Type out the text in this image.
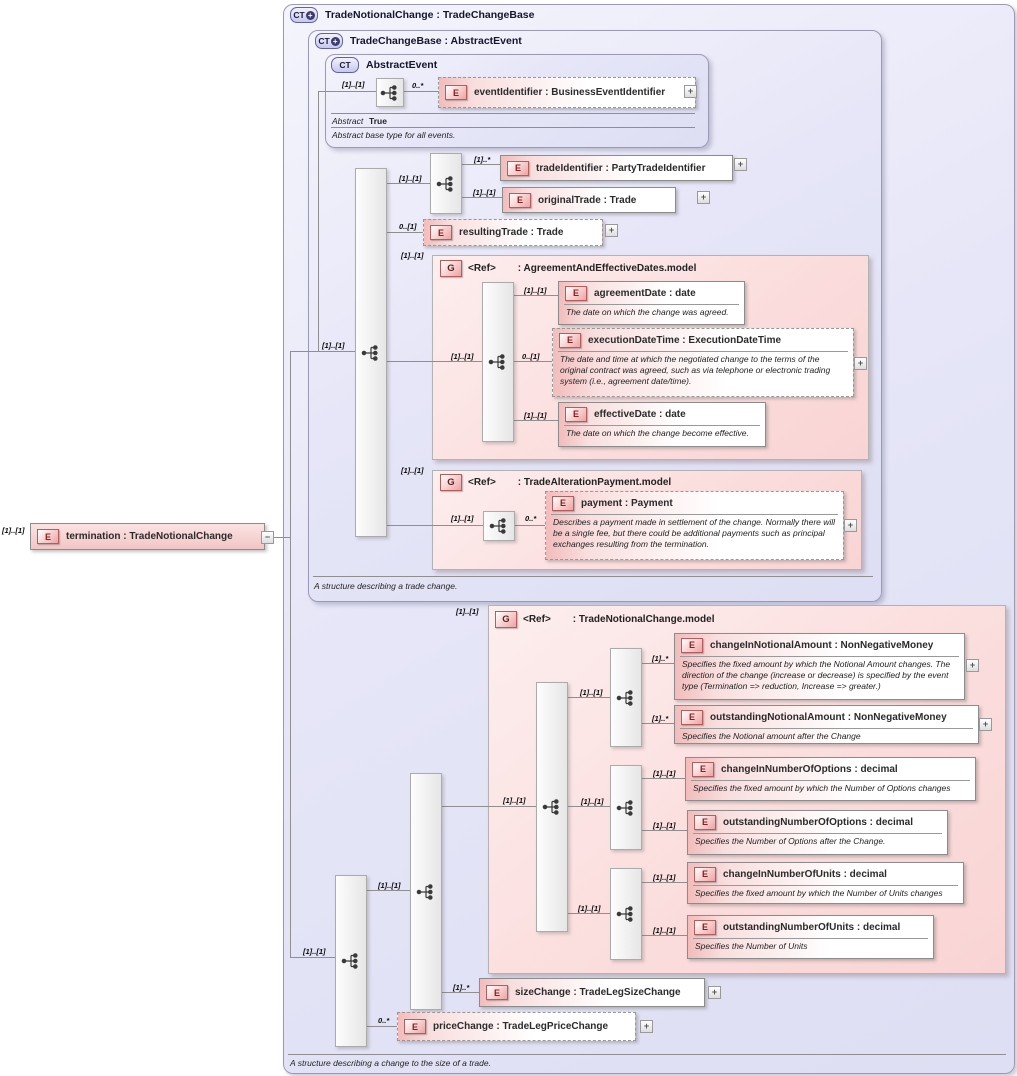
CT + TradeNotionalChange : TradeChangeBase
CT + TradeChangeBase : AbstractEvent
CT AbstractEvent
Abstract True
Abstract base type for all events.
A structure describing a trade change.
A structure describing a change to the size of a trade.
G	<Ref> : AgreementAndEffectiveDates.model
G	<Ref> : TradeAlterationPayment.model
G	<Ref> : TradeNotionalChange.model
[1]..[1]
E	termination : TradeNotionalChange	−
[1]..[1]	0..*
E	eventIdentifier : BusinessEventIdentifier	+
[1]..[1]
[1]..[1]
[1]..*
E	tradeIdentifier : PartyTradeIdentifier	+
[1]..[1]
E	originalTrade : Trade	+
0..[1]
E	resultingTrade : Trade	+
[1]..[1]
[1]..[1]
[1]..[1]	E	agreementDate : date
The date on which the change was agreed.
0..[1]
E	executionDateTime : ExecutionDateTime
The date and time at which the negotiated change to the terms of the original contract was agreed, such as via telephone or electronic trading system (i.e., agreement date/time).
+
[1]..[1]	E	effectiveDate : date
The date on which the change become effective.
[1]..[1]
[1]..[1]	0..*
E	payment : Payment
Describes a payment made in settlement of the change. Normally there will be a single fee, but there could be additional payments such as principal exchanges resulting from the termination.
+
[1]..[1]
[1]..[1]
[1]..[1]
[1]..[1]
[1]..[1]
[1]..*
E	changeInNotionalAmount : NonNegativeMoney
Specifies the fixed amount by which the Notional Amount changes. The direction of the change (increase or decrease) is specified by the event type (Termination => reduction, Increase => greater.)
+
[1]..*	E	outstandingNotionalAmount : NonNegativeMoney
Specifies the Notional amount after the Change
+
[1]..[1]
[1]..[1]	E	changeInNumberOfOptions : decimal
Specifies the fixed amount by which the Number of Options changes
[1]..[1]	E	outstandingNumberOfOptions : decimal
Specifies the Number of Options after the Change.
[1]..[1]
[1]..[1]	E	changeInNumberOfUnits : decimal
Specifies the fixed amount by which the Number of Units changes
[1]..[1]	E	outstandingNumberOfUnits : decimal
Specifies the Number of Units
[1]..*	E	sizeChange : TradeLegSizeChange	+
0..*
E	priceChange : TradeLegPriceChange	+
